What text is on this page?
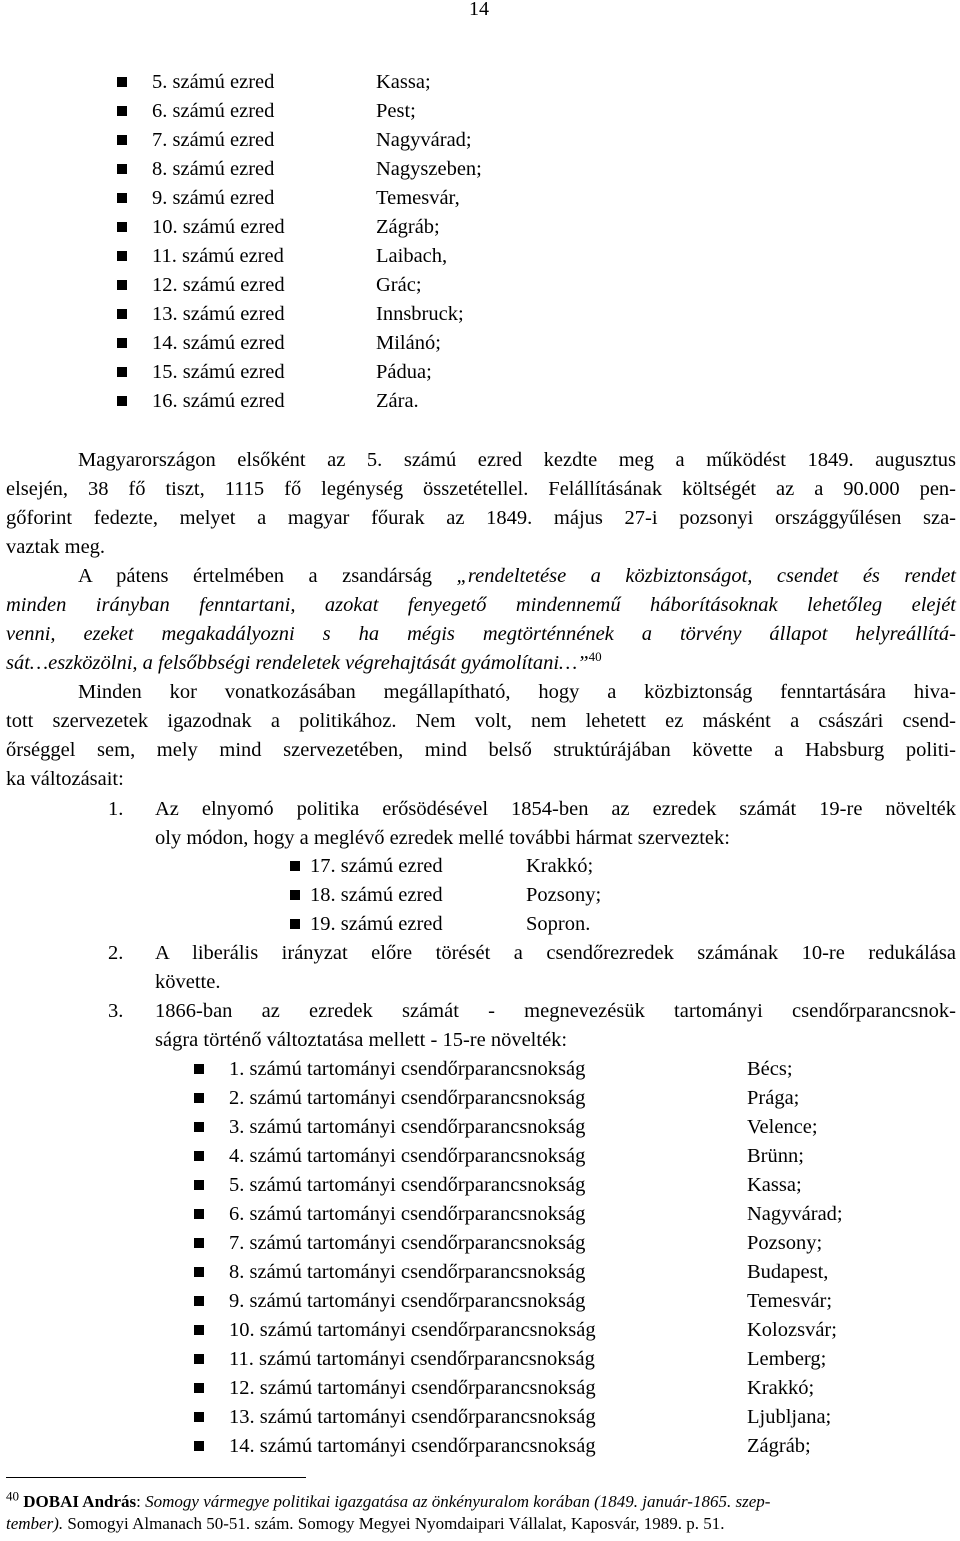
14
5. számú ezred	Kassa;
6. számú ezred	Pest;
7. számú ezred	Nagyvárad;
8. számú ezred	Nagyszeben;
9. számú ezred	Temesvár,
10. számú ezred	Zágráb;
11. számú ezred	Laibach,
12. számú ezred	Grác;
13. számú ezred	Innsbruck;
14. számú ezred	Milánó;
15. számú ezred	Pádua;
16. számú ezred	Zára.
Magyarországon elsőként az 5. számú ezred kezdte meg a működést 1849. augusztus
elsején, 38 fő tiszt, 1115 fő legénység összetétellel. Felállításának költségét az a 90.000 pen-
gőforint fedezte, melyet a magyar főurak az 1849. május 27-i pozsonyi országgyűlésen sza-
vaztak meg.
A pátens értelmében a zsandárság „rendeltetése a közbiztonságot, csendet és rendet
minden irányban fenntartani, azokat fenyegető mindennemű háborításoknak lehetőleg elejét
venni, ezeket megakadályozni s ha mégis megtörténnének a törvény állapot helyreállítá-
sát…eszközölni, a felsőbbségi rendeletek végrehajtását gyámolítani…”$^{40}$
Minden kor vonatkozásában megállapítható, hogy a közbiztonság fenntartására hiva-
tott szervezetek igazodnak a politikához. Nem volt, nem lehetett ez másként a császári csend-
őrséggel sem, mely mind szervezetében, mind belső struktúrájában követte a Habsburg politi-
ka változásait:
1. Az elnyomó politika erősödésével 1854-ben az ezredek számát 19-re növelték
oly módon, hogy a meglévő ezredek mellé további hármat szerveztek:
17. számú ezred	Krakkó;
18. számú ezred	Pozsony;
19. számú ezred	Sopron.
2. A liberális irányzat előre törését a csendőrezredek számának 10-re redukálása
követte.
3. 1866-ban az ezredek számát - megnevezésük tartományi csendőrparancsnok-
ságra történő változtatása mellett - 15-re növelték:
1. számú tartományi csendőrparancsnokság	Bécs;
2. számú tartományi csendőrparancsnokság	Prága;
3. számú tartományi csendőrparancsnokság	Velence;
4. számú tartományi csendőrparancsnokság	Brünn;
5. számú tartományi csendőrparancsnokság	Kassa;
6. számú tartományi csendőrparancsnokság	Nagyvárad;
7. számú tartományi csendőrparancsnokság	Pozsony;
8. számú tartományi csendőrparancsnokság	Budapest,
9. számú tartományi csendőrparancsnokság	Temesvár;
10. számú tartományi csendőrparancsnokság	Kolozsvár;
11. számú tartományi csendőrparancsnokság	Lemberg;
12. számú tartományi csendőrparancsnokság	Krakkó;
13. számú tartományi csendőrparancsnokság	Ljubljana;
14. számú tartományi csendőrparancsnokság	Zágráb;
$^{40}$ DOBAI András: Somogy vármegye politikai igazgatása az önkényuralom korában (1849. január-1865. szep-
tember). Somogyi Almanach 50-51. szám. Somogy Megyei Nyomdaipari Vállalat, Kaposvár, 1989. p. 51.
